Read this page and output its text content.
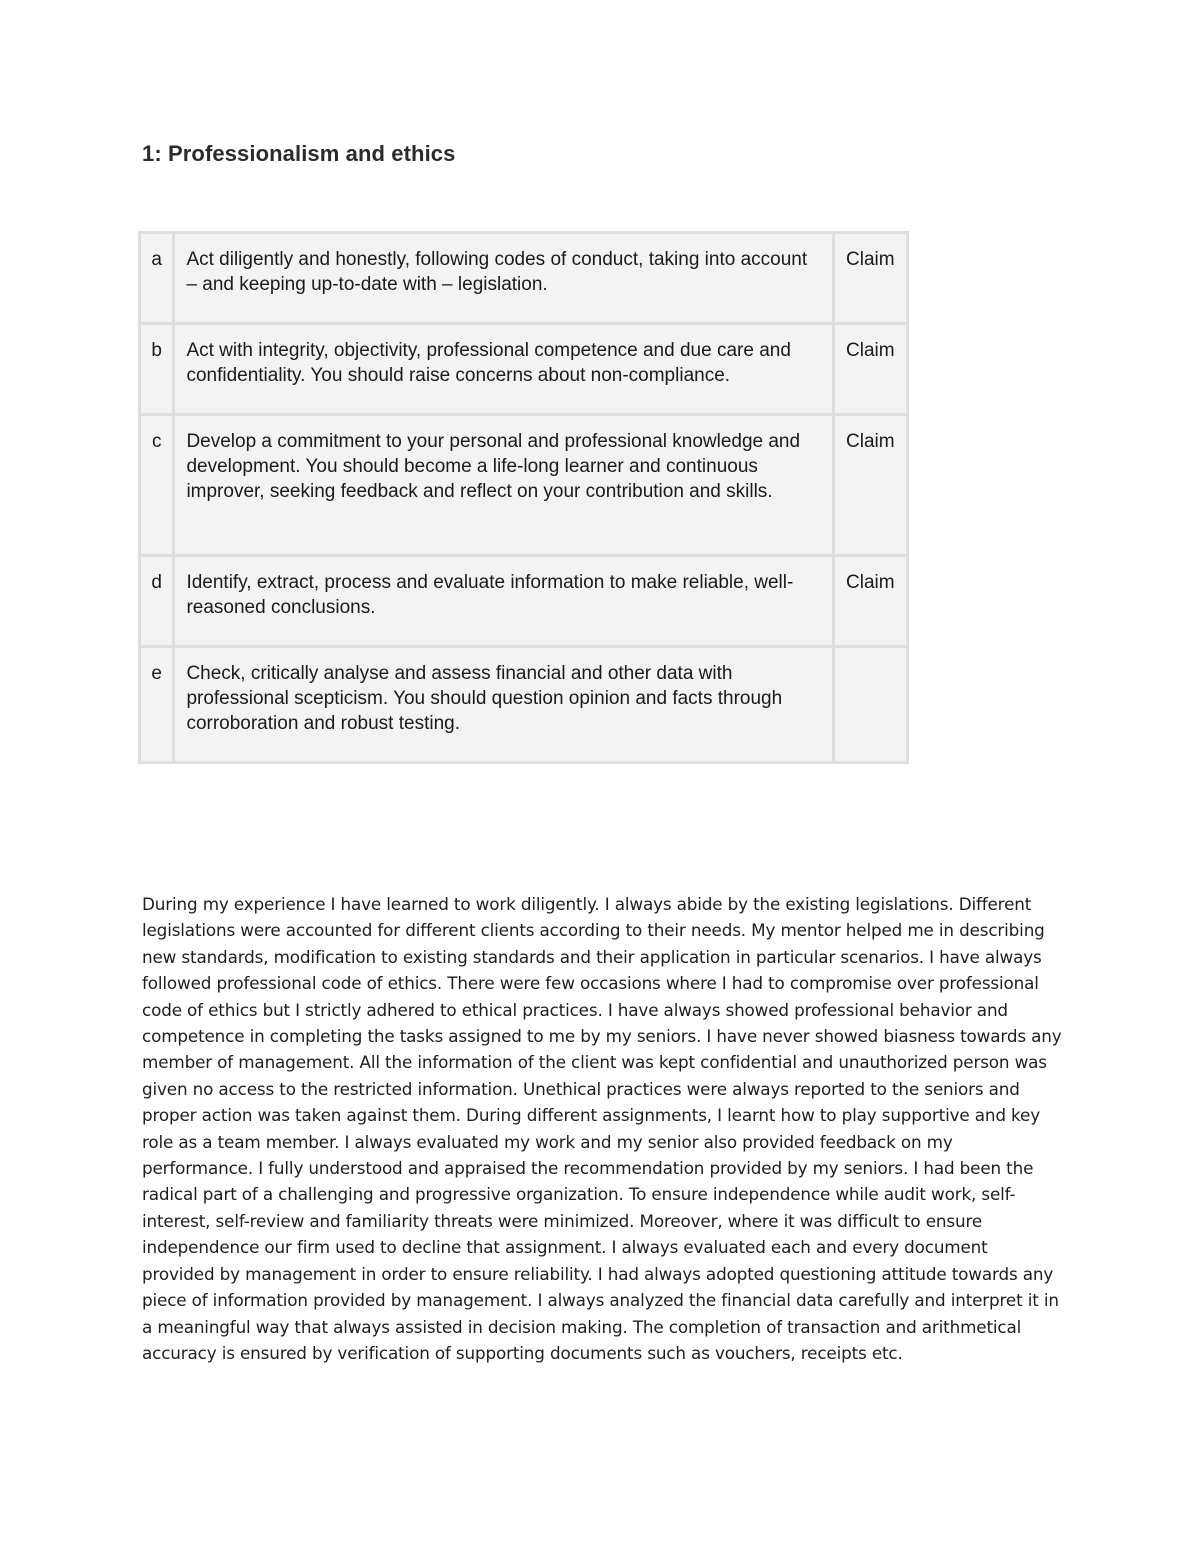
1: Professionalism and ethics
a	Act diligently and honestly, following codes of conduct, taking into account – and keeping up-to-date with – legislation.	Claim
b	Act with integrity, objectivity, professional competence and due care and confidentiality. You should raise concerns about non-compliance.	Claim
c	Develop a commitment to your personal and professional knowledge and development. You should become a life-long learner and continuous improver, seeking feedback and reflect on your contribution and skills.	Claim
d	Identify, extract, process and evaluate information to make reliable, well-reasoned conclusions.	Claim
e	Check, critically analyse and assess financial and other data with professional scepticism. You should question opinion and facts through corroboration and robust testing.	

During my experience I have learned to work diligently. I always abide by the existing legislations. Different legislations were accounted for different clients according to their needs. My mentor helped me in describing new standards, modification to existing standards and their application in particular scenarios. I have always followed professional code of ethics. There were few occasions where I had to compromise over professional code of ethics but I strictly adhered to ethical practices. I have always showed professional behavior and competence in completing the tasks assigned to me by my seniors. I have never showed biasness towards any member of management. All the information of the client was kept confidential and unauthorized person was given no access to the restricted information. Unethical practices were always reported to the seniors and proper action was taken against them. During different assignments, I learnt how to play supportive and key role as a team member. I always evaluated my work and my senior also provided feedback on my performance. I fully understood and appraised the recommendation provided by my seniors. I had been the radical part of a challenging and progressive organization. To ensure independence while audit work, self-interest, self-review and familiarity threats were minimized. Moreover, where it was difficult to ensure independence our firm used to decline that assignment. I always evaluated each and every document provided by management in order to ensure reliability. I had always adopted questioning attitude towards any piece of information provided by management. I always analyzed the financial data carefully and interpret it in a meaningful way that always assisted in decision making. The completion of transaction and arithmetical accuracy is ensured by verification of supporting documents such as vouchers, receipts etc.
